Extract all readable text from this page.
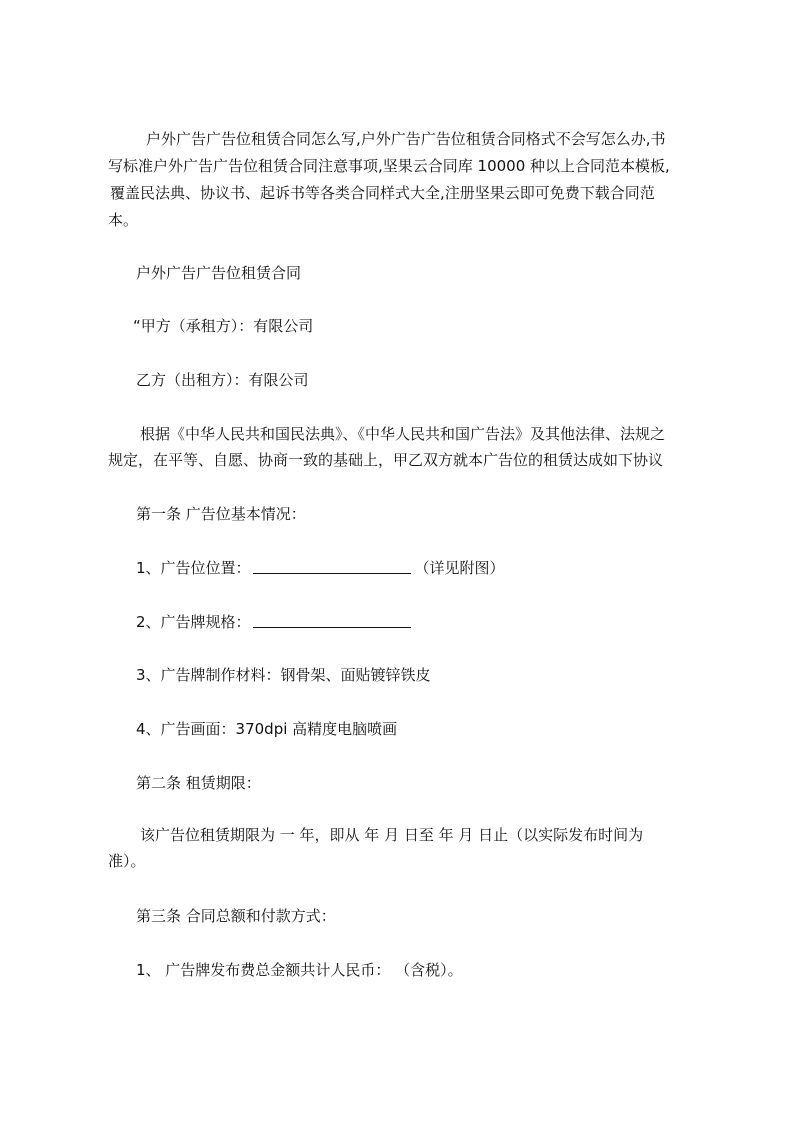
户外广告广告位租赁合同怎么写,户外广告广告位租赁合同格式不会写怎么办,书
写标准户外广告广告位租赁合同注意事项,坚果云合同库 10000 种以上合同范本模板,
覆盖民法典、协议书、起诉书等各类合同样式大全,注册坚果云即可免费下载合同范
本。

户外广告广告位租赁合同

“甲方（承租方）：有限公司

乙方（出租方）：有限公司

根据《中华人民共和国民法典》、《中华人民共和国广告法》及其他法律、法规之
规定，在平等、自愿、协商一致的基础上，甲乙双方就本广告位的租赁达成如下协议

第一条 广告位基本情况：

1、广告位位置：	（详见附图）

2、广告牌规格：

3、广告牌制作材料：钢骨架、面贴镀锌铁皮

4、广告画面：370dpi 高精度电脑喷画

第二条 租赁期限：

该广告位租赁期限为 一 年，即从 年 月 日至 年 月 日止（以实际发布时间为
准）。

第三条 合同总额和付款方式：

1、 广告牌发布费总金额共计人民币： （含税）。
